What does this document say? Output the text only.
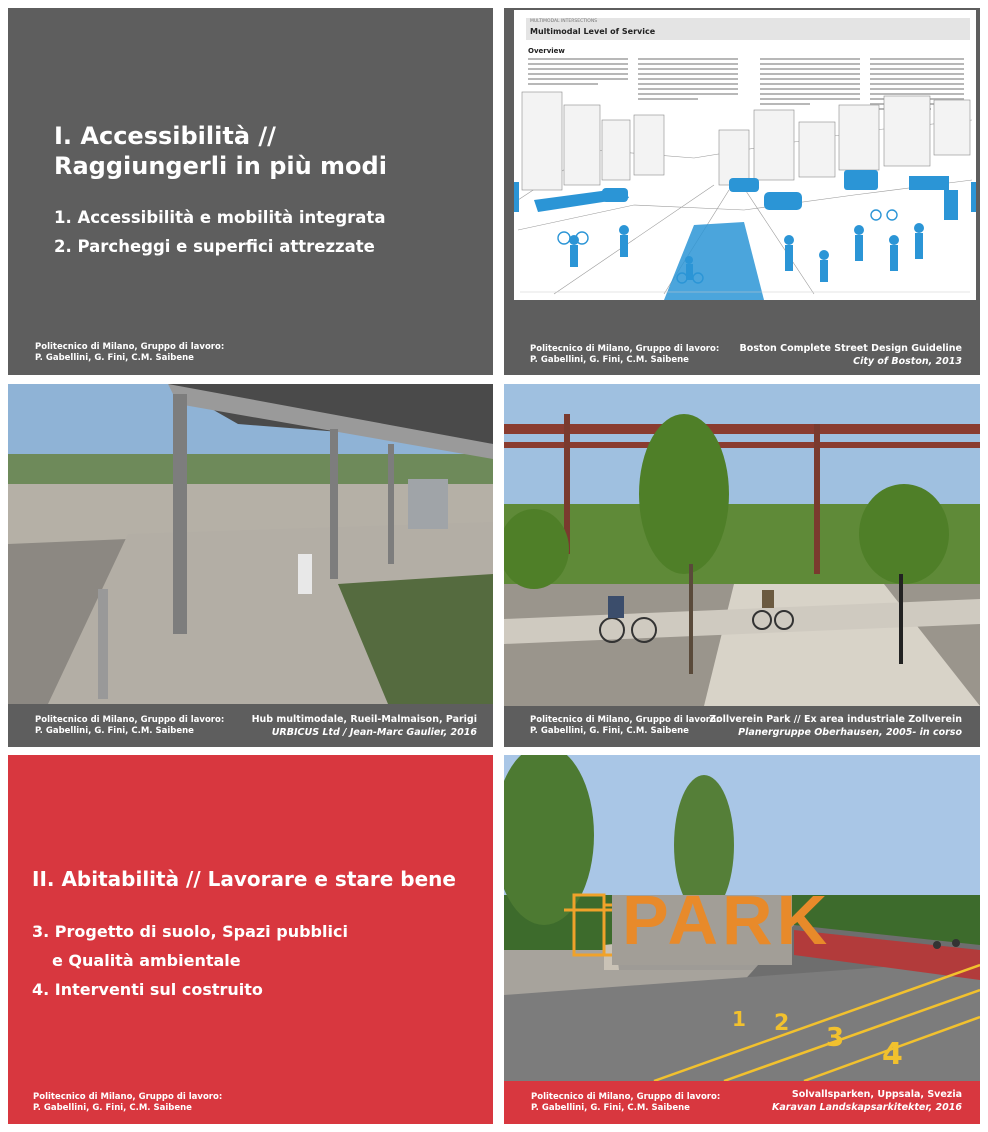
I. Accessibilità //
Raggiungerli in più modi
1. Accessibilità e mobilità integrata
2. Parcheggi e superfici attrezzate
Politecnico di Milano, Gruppo di lavoro:
P. Gabellini, G. Fini, C.M. Saibene
MULTIMODAL INTERSECTIONS
Multimodal Level of Service
Overview
Politecnico di Milano, Gruppo di lavoro:
P. Gabellini, G. Fini, C.M. Saibene
Boston Complete Street Design Guideline
City of Boston, 2013
Politecnico di Milano, Gruppo di lavoro:
P. Gabellini, G. Fini, C.M. Saibene
Hub multimodale, Rueil-Malmaison, Parigi
URBICUS Ltd / Jean-Marc Gaulier, 2016
Politecnico di Milano, Gruppo di lavoro:
P. Gabellini, G. Fini, C.M. Saibene
Zollverein Park // Ex area industriale Zollverein
Planergruppe Oberhausen, 2005- in corso
II. Abitabilità // Lavorare e stare bene
3. Progetto di suolo, Spazi pubblici
e Qualità ambientale
4. Interventi sul costruito
Politecnico di Milano, Gruppo di lavoro:
P. Gabellini, G. Fini, C.M. Saibene
PARK
1 2 3 4
Politecnico di Milano, Gruppo di lavoro:
P. Gabellini, G. Fini, C.M. Saibene
Solvallsparken, Uppsala, Svezia
Karavan Landskapsarkitekter, 2016
